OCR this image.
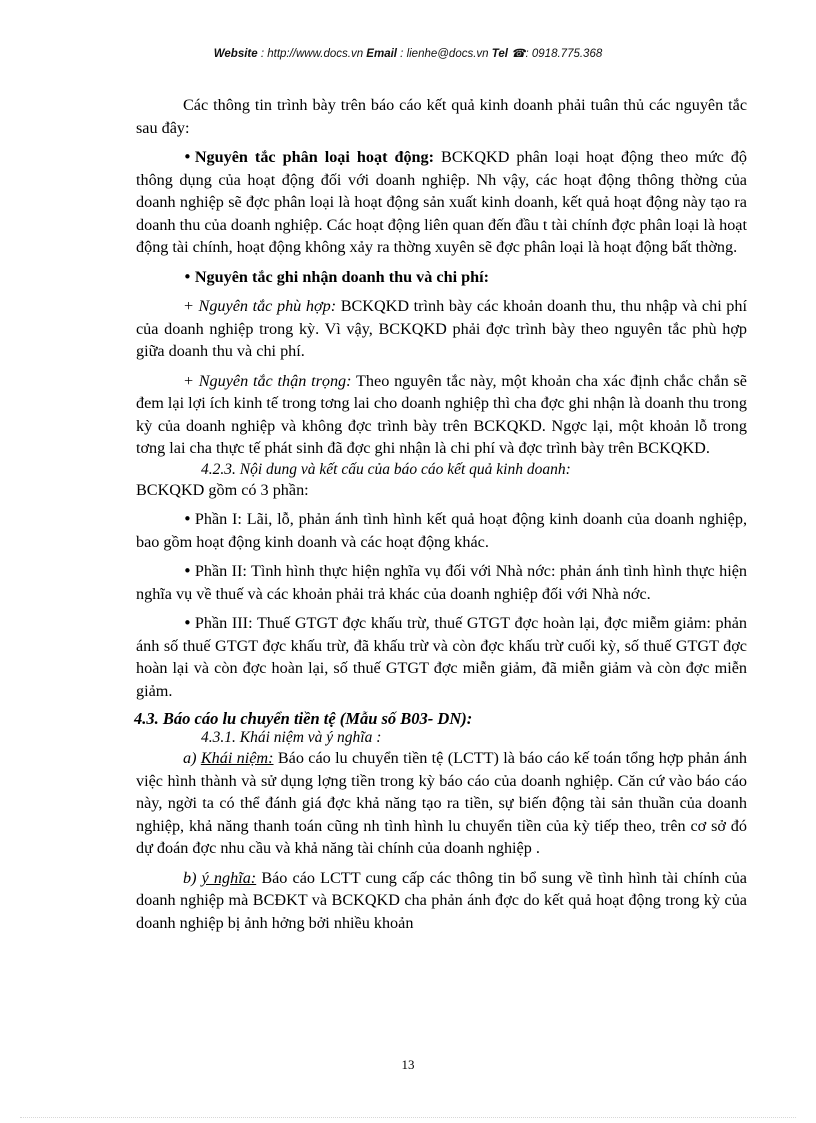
Website : http://www.docs.vn Email : lienhe@docs.vn Tel ☎: 0918.775.368

Các thông tin trình bày trên báo cáo kết quả kinh doanh phải tuân thủ các nguyên tắc sau đây:

• Nguyên tắc phân loại hoạt động: BCKQKD phân loại hoạt động theo mức độ thông dụng của hoạt động đối với doanh nghiệp. Nh vậy, các hoạt động thông thờng của doanh nghiệp sẽ đợc phân loại là hoạt động sản xuất kinh doanh, kết quả hoạt động này tạo ra doanh thu của doanh nghiệp. Các hoạt động liên quan đến đầu t tài chính đợc phân loại là hoạt động tài chính, hoạt động không xảy ra thờng xuyên sẽ đợc phân loại là hoạt động bất thờng.

• Nguyên tắc ghi nhận doanh thu và chi phí:

+ Nguyên tắc phù hợp: BCKQKD trình bày các khoản doanh thu, thu nhập và chi phí của doanh nghiệp trong kỳ. Vì vậy, BCKQKD phải đợc trình bày theo nguyên tắc phù hợp giữa doanh thu và chi phí.

+ Nguyên tắc thận trọng: Theo nguyên tắc này, một khoản cha xác định chắc chắn sẽ đem lại lợi ích kinh tế trong tơng lai cho doanh nghiệp thì cha đợc ghi nhận là doanh thu trong kỳ của doanh nghiệp và không đợc trình bày trên BCKQKD. Ngợc lại, một khoản lỗ trong tơng lai cha thực tế phát sinh đã đợc ghi nhận là chi phí và đợc trình bày trên BCKQKD.

4.2.3. Nội dung và kết cấu của báo cáo kết quả kinh doanh:

BCKQKD gồm có 3 phần:

• Phần I: Lãi, lỗ, phản ánh tình hình kết quả hoạt động kinh doanh của doanh nghiệp, bao gồm hoạt động kinh doanh và các hoạt động khác.

• Phần II: Tình hình thực hiện nghĩa vụ đối với Nhà nớc: phản ánh tình hình thực hiện nghĩa vụ về thuế và các khoản phải trả khác của doanh nghiệp đối với Nhà nớc.

• Phần III: Thuế GTGT đợc khấu trừ, thuế GTGT đợc hoàn lại, đợc miễm giảm: phản ánh số thuế GTGT đợc khấu trừ, đã khấu trừ và còn đợc khấu trừ cuối kỳ, số thuế GTGT đợc hoàn lại và còn đợc hoàn lại, số thuế GTGT đợc miễn giảm, đã miễn giảm và còn đợc miễn giảm.

4.3. Báo cáo lu chuyển tiền tệ (Mẫu số B03- DN):

4.3.1. Khái niệm và ý nghĩa :

a) Khái niệm: Báo cáo lu chuyển tiền tệ (LCTT) là báo cáo kế toán tổng hợp phản ánh việc hình thành và sử dụng lợng tiền trong kỳ báo cáo của doanh nghiệp. Căn cứ vào báo cáo này, ngời ta có thể đánh giá đợc khả năng tạo ra tiền, sự biến động tài sản thuần của doanh nghiệp, khả năng thanh toán cũng nh tình hình lu chuyển tiền của kỳ tiếp theo, trên cơ sở đó dự đoán đợc nhu cầu và khả năng tài chính của doanh nghiệp .

b) ý nghĩa: Báo cáo LCTT cung cấp các thông tin bổ sung về tình hình tài chính của doanh nghiệp mà BCĐKT và BCKQKD cha phản ánh đợc do kết quả hoạt động trong kỳ của doanh nghiệp bị ảnh hởng bởi nhiều khoản

13
